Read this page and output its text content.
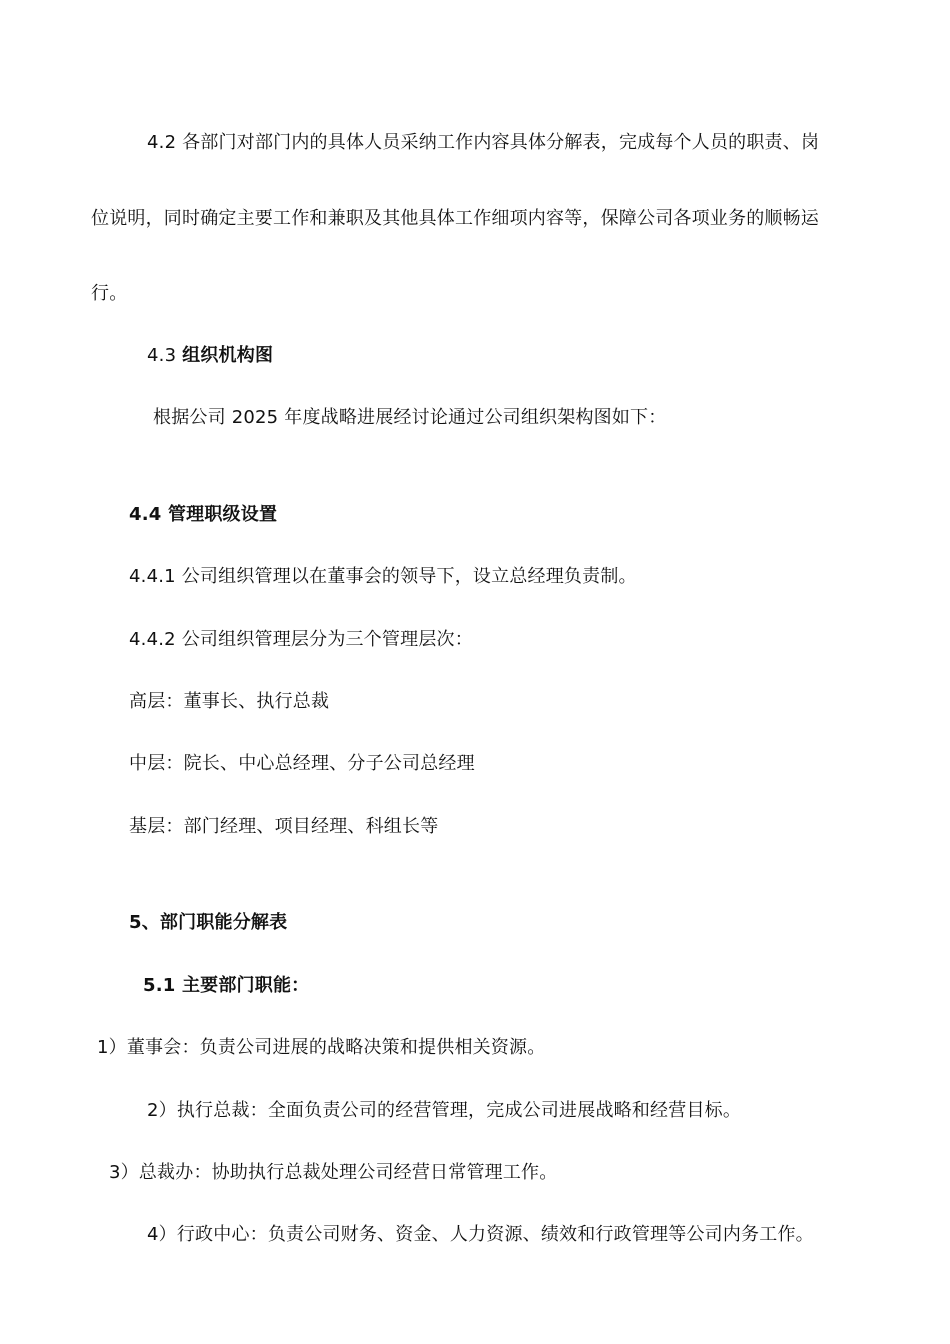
4.2 各部门对部门内的具体人员采纳工作内容具体分解表，完成每个人员的职责、岗
位说明，同时确定主要工作和兼职及其他具体工作细项内容等，保障公司各项业务的顺畅运
行。
4.3 组织机构图
根据公司 2025 年度战略进展经讨论通过公司组织架构图如下：
4.4 管理职级设置
4.4.1 公司组织管理以在董事会的领导下，设立总经理负责制。
4.4.2 公司组织管理层分为三个管理层次：
高层：董事长、执行总裁
中层：院长、中心总经理、分子公司总经理
基层：部门经理、项目经理、科组长等
5、部门职能分解表
5.1 主要部门职能：
1）董事会：负责公司进展的战略决策和提供相关资源。
2）执行总裁：全面负责公司的经营管理，完成公司进展战略和经营目标。
3）总裁办：协助执行总裁处理公司经营日常管理工作。
4）行政中心：负责公司财务、资金、人力资源、绩效和行政管理等公司内务工作。
